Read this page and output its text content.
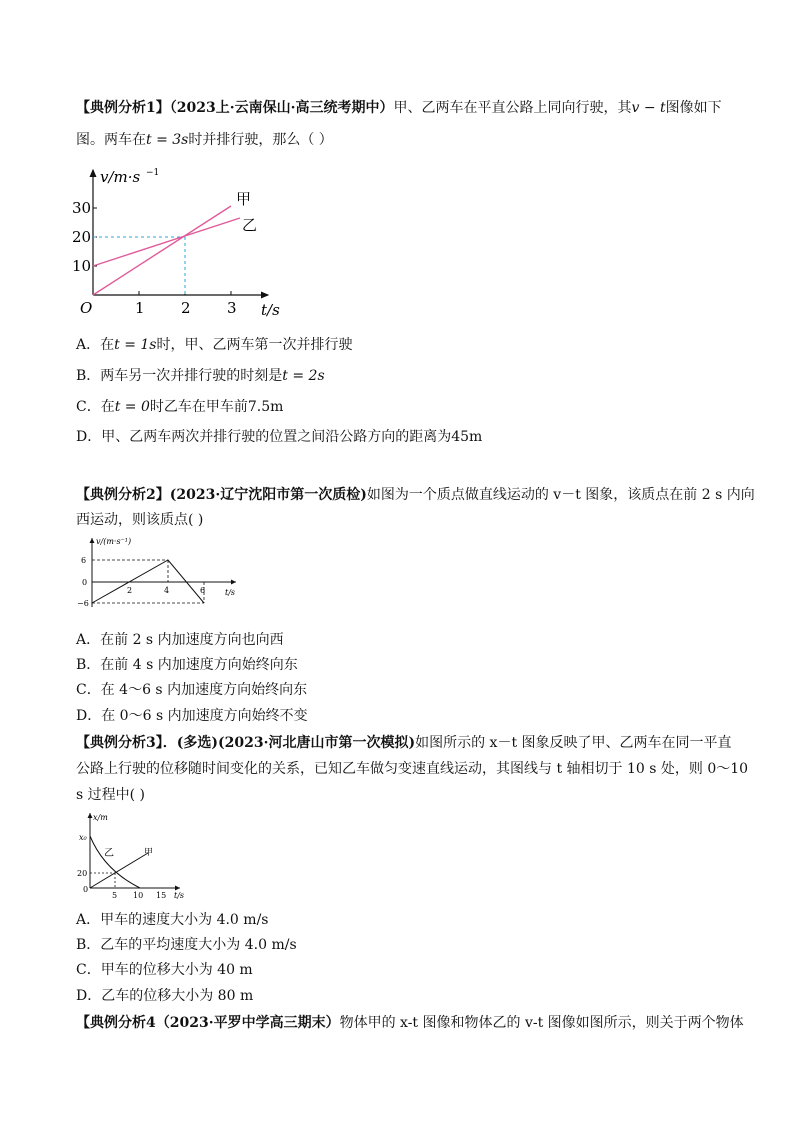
【典例分析1】（2023上·云南保山·高三统考期中）甲、乙两车在平直公路上同向行驶，其v − t图像如下
图。两车在t = 3s时并排行驶，那么（ ）
v/m·s −1
t/s
O
10
20
30
1 2 3
甲
乙
A．在t = 1s时，甲、乙两车第一次并排行驶
B．两车另一次并排行驶的时刻是t = 2s
C．在t = 0时乙车在甲车前7.5m
D．甲、乙两车两次并排行驶的位置之间沿公路方向的距离为45m
【典例分析2】(2023·辽宁沈阳市第一次质检)如图为一个质点做直线运动的 v－t 图象，该质点在前 2 s 内向
西运动，则该质点( )
v/(m·s⁻¹)
t/s
6
0
−6
2	4	6
A．在前 2 s 内加速度方向也向西
B．在前 4 s 内加速度方向始终向东
C．在 4～6 s 内加速度方向始终向东
D．在 0～6 s 内加速度方向始终不变
【典例分析3】．(多选)(2023·河北唐山市第一次模拟)如图所示的 x－t 图象反映了甲、乙两车在同一平直
公路上行驶的位移随时间变化的关系，已知乙车做匀变速直线运动，其图线与 t 轴相切于 10 s 处，则 0～10
s 过程中( )
x/m
x₀
20
0
5 10 15 t/s
乙	甲
A．甲车的速度大小为 4.0 m/s
B．乙车的平均速度大小为 4.0 m/s
C．甲车的位移大小为 40 m
D．乙车的位移大小为 80 m
【典例分析4（2023·平罗中学高三期末）物体甲的 x-t 图像和物体乙的 v-t 图像如图所示，则关于两个物体
